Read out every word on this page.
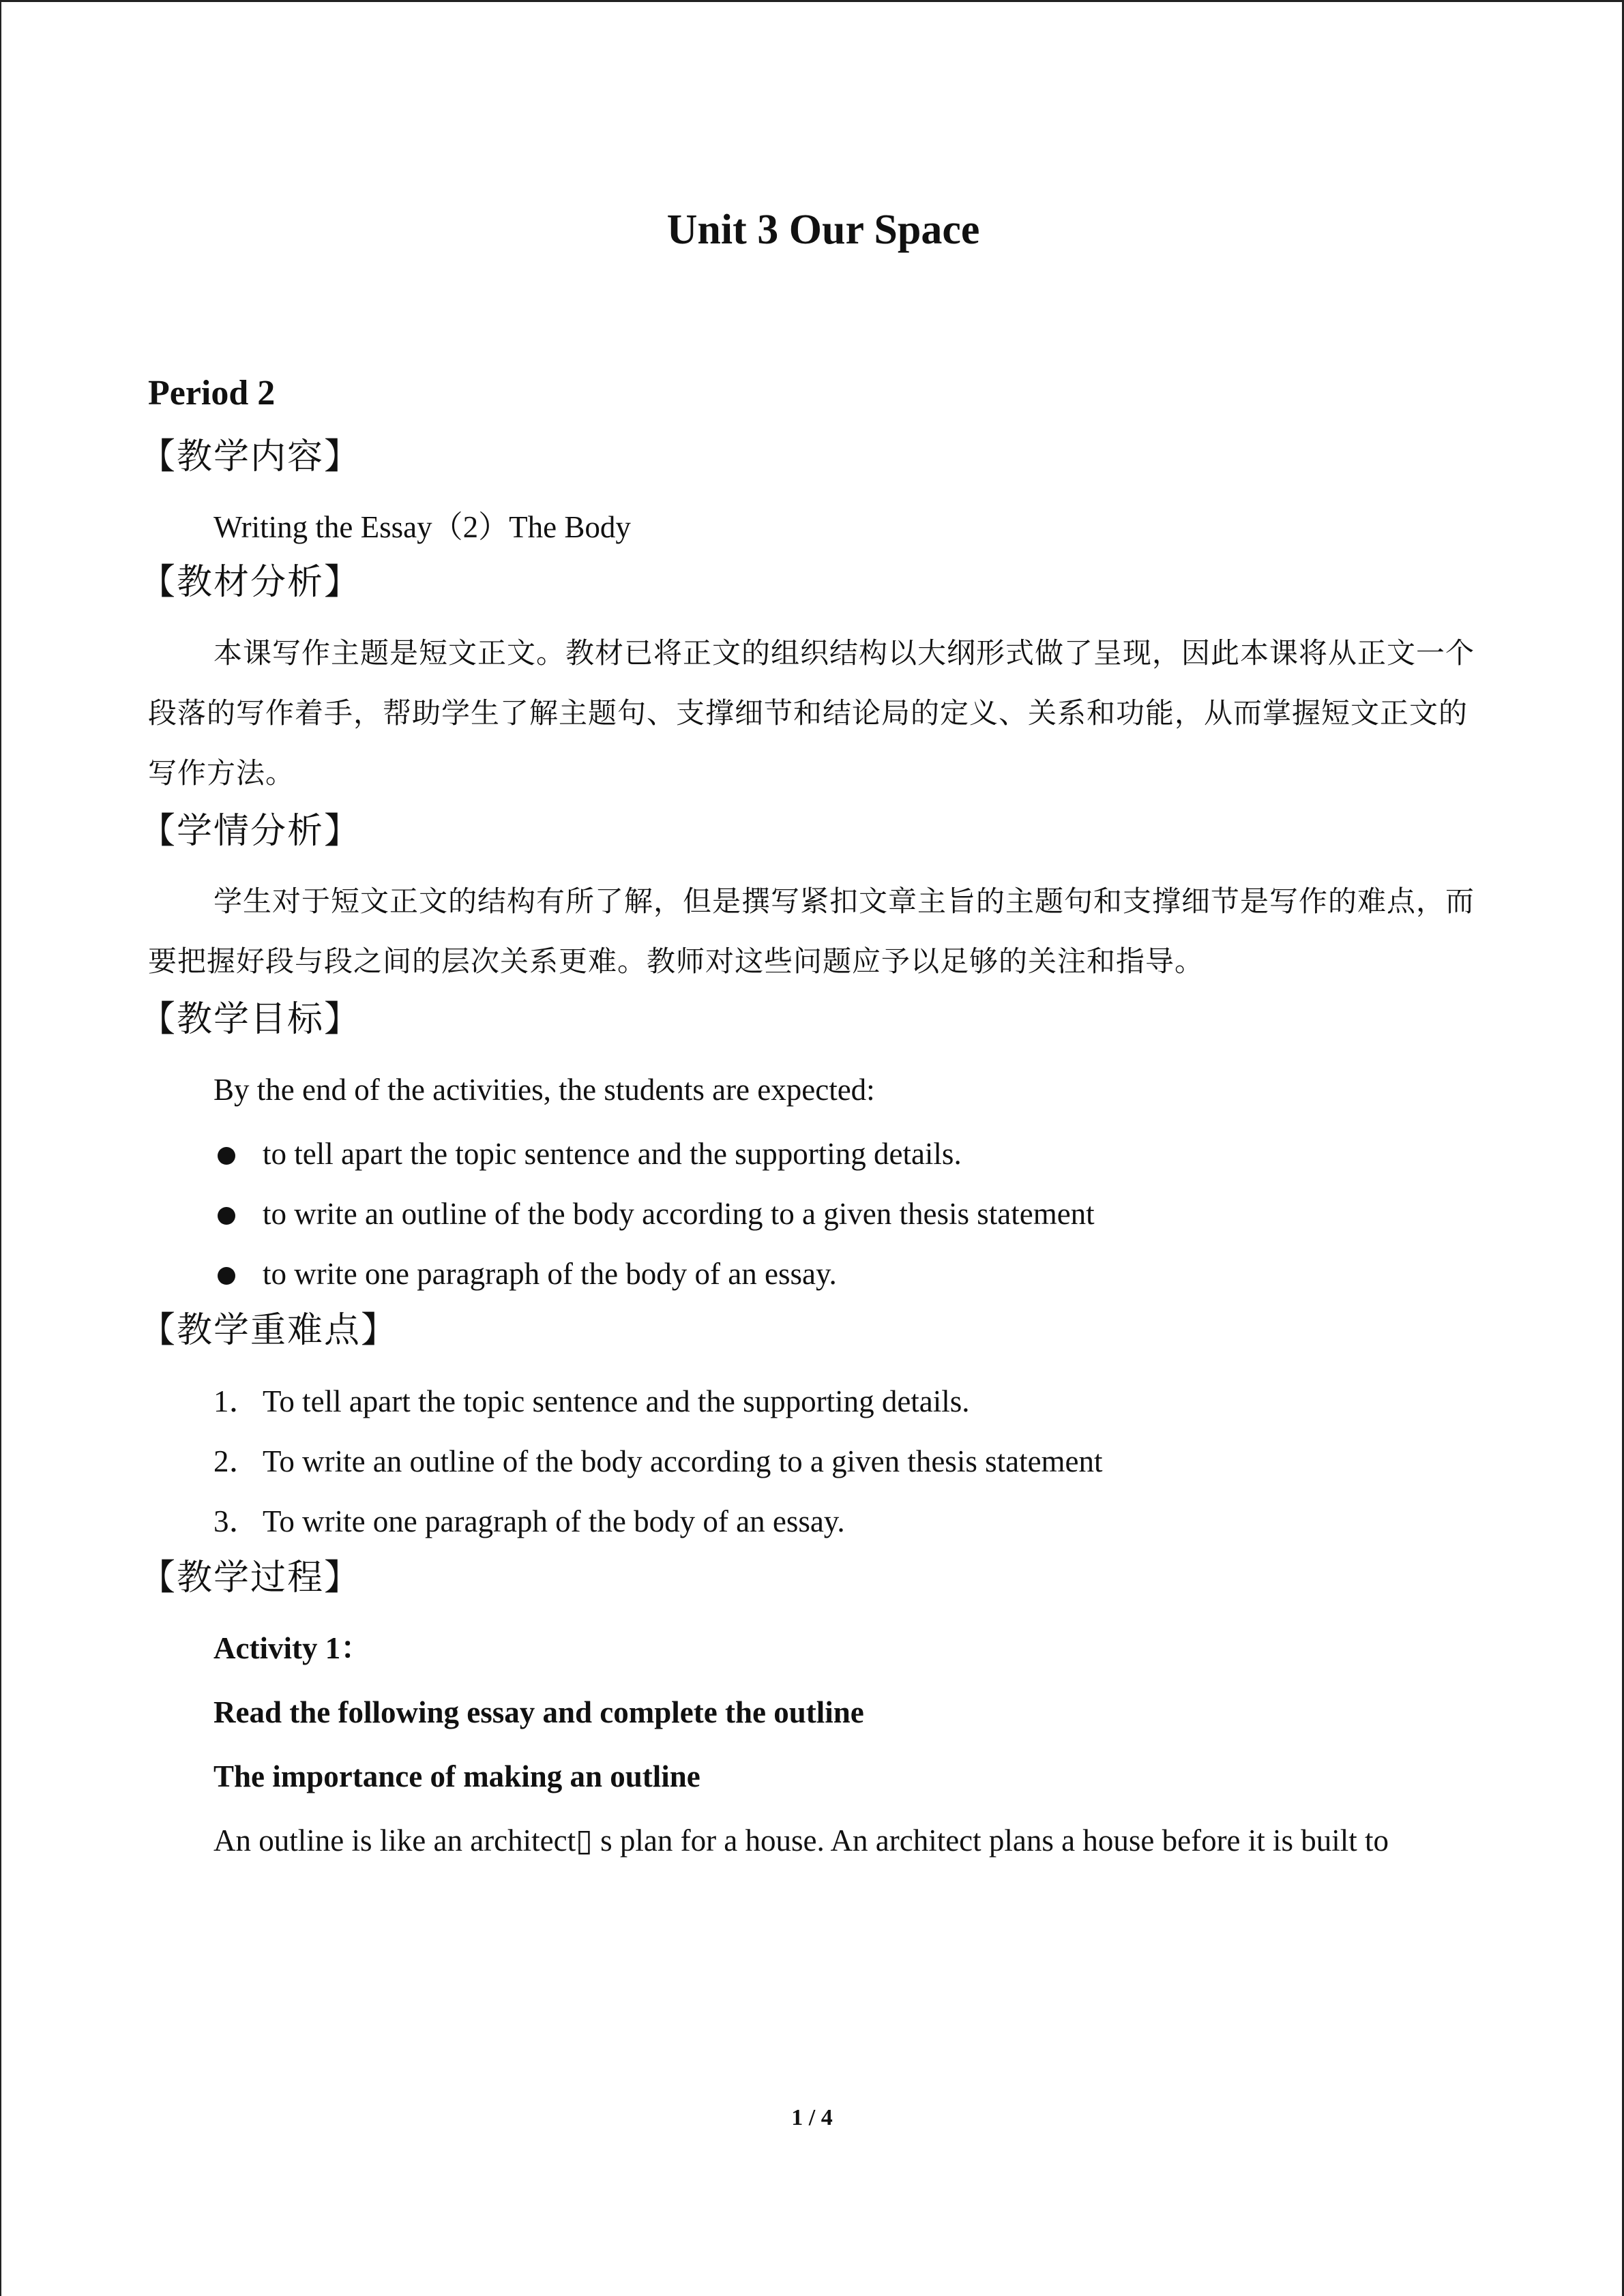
Unit 3 Our Space
Period 2
【教学内容】
Writing the Essay（2）The Body
【教材分析】
本课写作主题是短文正文。教材已将正文的组织结构以大纲形式做了呈现，因此本课将从正文一个段落的写作着手，帮助学生了解主题句、支撑细节和结论局的定义、关系和功能，从而掌握短文正文的写作方法。
【学情分析】
学生对于短文正文的结构有所了解，但是撰写紧扣文章主旨的主题句和支撑细节是写作的难点，而要把握好段与段之间的层次关系更难。教师对这些问题应予以足够的关注和指导。
【教学目标】
By the end of the activities, the students are expected:
to tell apart the topic sentence and the supporting details.
to write an outline of the body according to a given thesis statement
to write one paragraph of the body of an essay.
【教学重难点】
1． To tell apart the topic sentence and the supporting details.
2． To write an outline of the body according to a given thesis statement
3． To write one paragraph of the body of an essay.
【教学过程】
Activity 1：
Read the following essay and complete the outline
The importance of making an outline
An outline is like an architect▯ s plan for a house. An architect plans a house before it is built to
1 / 4
